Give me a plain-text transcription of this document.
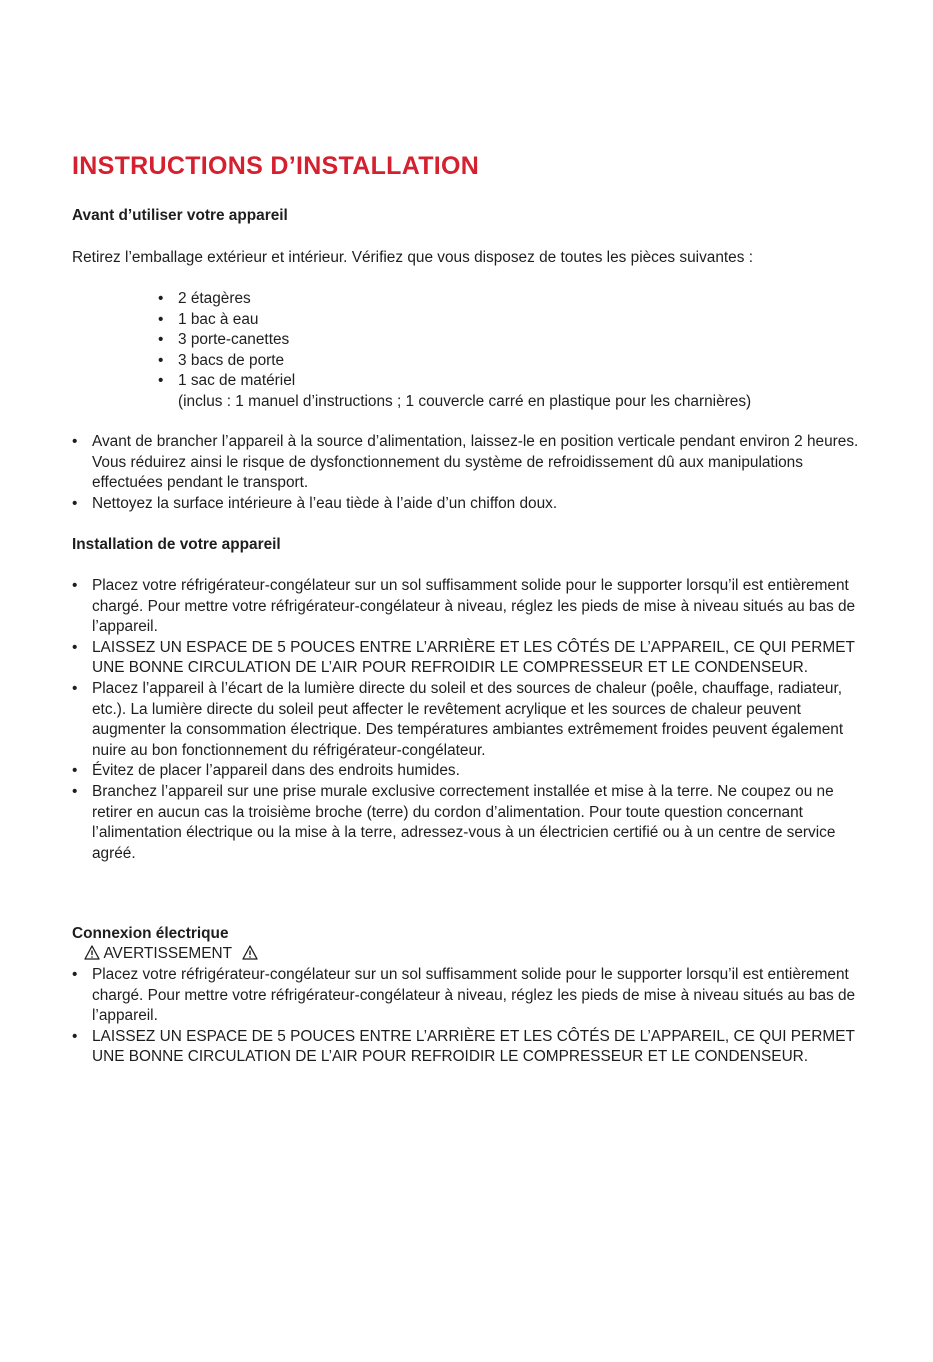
INSTRUCTIONS D’INSTALLATION
Avant d’utiliser votre appareil

Retirez l’emballage extérieur et intérieur. Vérifiez que vous disposez de toutes les pièces suivantes :

• 2 étagères
• 1 bac à eau
• 3 porte-canettes
• 3 bacs de porte
• 1 sac de matériel
(inclus : 1 manuel d’instructions ; 1 couvercle carré en plastique pour les charnières)
• Avant de brancher l’appareil à la source d’alimentation, laissez-le en position verticale pendant environ 2 heures. Vous réduirez ainsi le risque de dysfonctionnement du système de refroidissement dû aux manipulations effectuées pendant le transport.
• Nettoyez la surface intérieure à l’eau tiède à l’aide d’un chiffon doux.
Installation de votre appareil
• Placez votre réfrigérateur-congélateur sur un sol suffisamment solide pour le supporter lorsqu’il est entièrement chargé. Pour mettre votre réfrigérateur-congélateur à niveau, réglez les pieds de mise à niveau situés au bas de l’appareil.
• LAISSEZ UN ESPACE DE 5 POUCES ENTRE L’ARRIÈRE ET LES CÔTÉS DE L’APPAREIL, CE QUI PERMET UNE BONNE CIRCULATION DE L’AIR POUR REFROIDIR LE COMPRESSEUR ET LE CONDENSEUR.
• Placez l’appareil à l’écart de la lumière directe du soleil et des sources de chaleur (poêle, chauffage, radiateur, etc.). La lumière directe du soleil peut affecter le revêtement acrylique et les sources de chaleur peuvent augmenter la consommation électrique. Des températures ambiantes extrêmement froides peuvent également nuire au bon fonctionnement du réfrigérateur-congélateur.
• Évitez de placer l’appareil dans des endroits humides.
• Branchez l’appareil sur une prise murale exclusive correctement installée et mise à la terre. Ne coupez ou ne retirer en aucun cas la troisième broche (terre) du cordon d’alimentation. Pour toute question concernant l’alimentation électrique ou la mise à la terre, adressez-vous à un électricien certifié ou à un centre de service agréé.
Connexion électrique
AVERTISSEMENT
• Placez votre réfrigérateur-congélateur sur un sol suffisamment solide pour le supporter lorsqu’il est entièrement chargé. Pour mettre votre réfrigérateur-congélateur à niveau, réglez les pieds de mise à niveau situés au bas de l’appareil.
• LAISSEZ UN ESPACE DE 5 POUCES ENTRE L’ARRIÈRE ET LES CÔTÉS DE L’APPAREIL, CE QUI PERMET UNE BONNE CIRCULATION DE L’AIR POUR REFROIDIR LE COMPRESSEUR ET LE CONDENSEUR.
